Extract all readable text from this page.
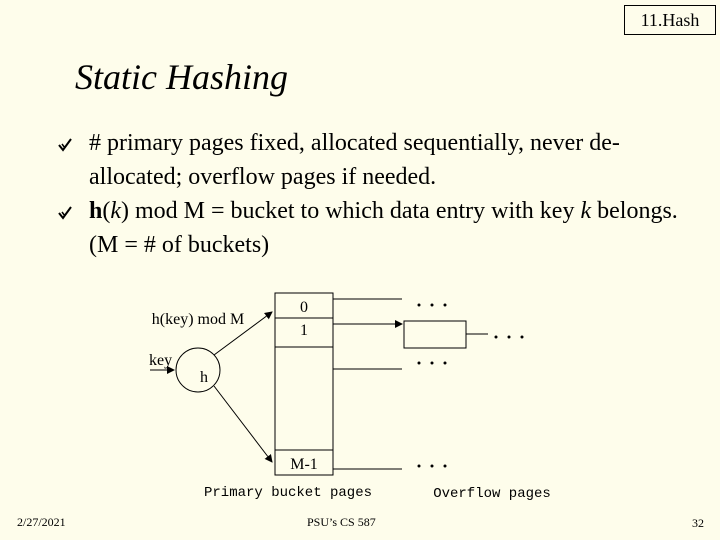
11.Hash
Static Hashing
# primary pages fixed, allocated sequentially, never de-allocated; overflow pages if needed.
h(k) mod M = bucket to which data entry with key k belongs. (M = # of buckets)
0
1
M-1
h
h(key) mod M
key
Primary bucket pages	Overflow pages
2/27/2021	PSU’s CS 587	32
